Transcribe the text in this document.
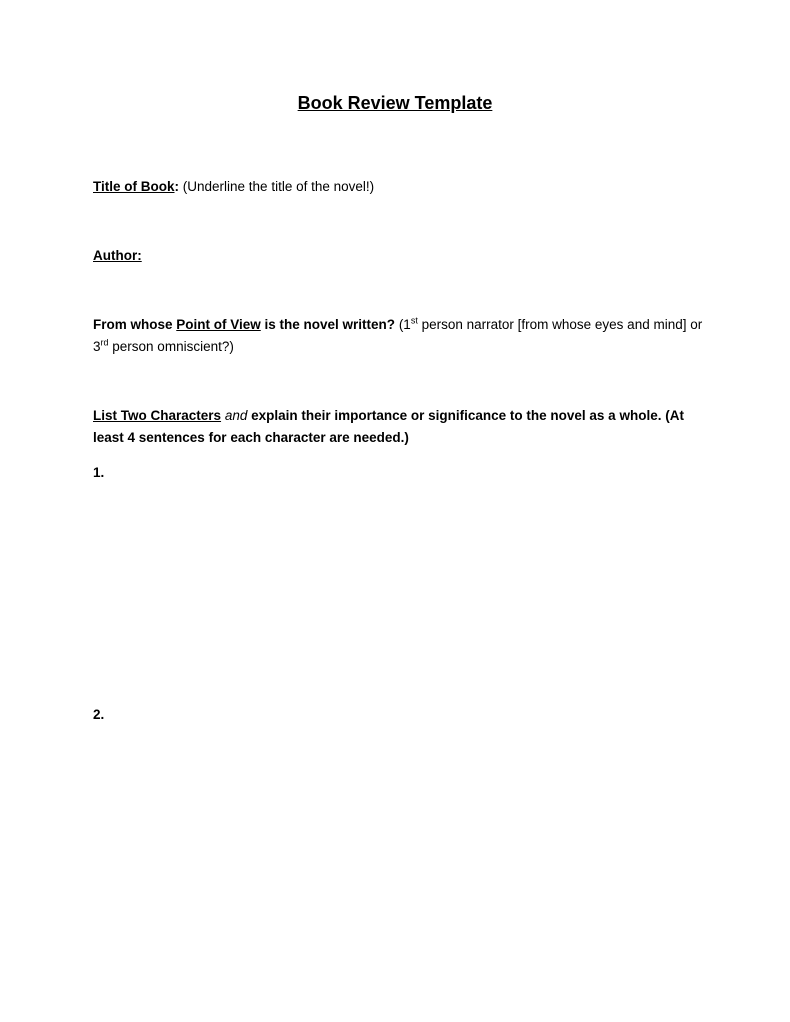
Book Review Template

Title of Book: (Underline the title of the novel!)

Author:

From whose Point of View is the novel written? (1st person narrator [from whose eyes and mind] or 3rd person omniscient?)

List Two Characters and explain their importance or significance to the novel as a whole. (At least 4 sentences for each character are needed.)

1.

2.
